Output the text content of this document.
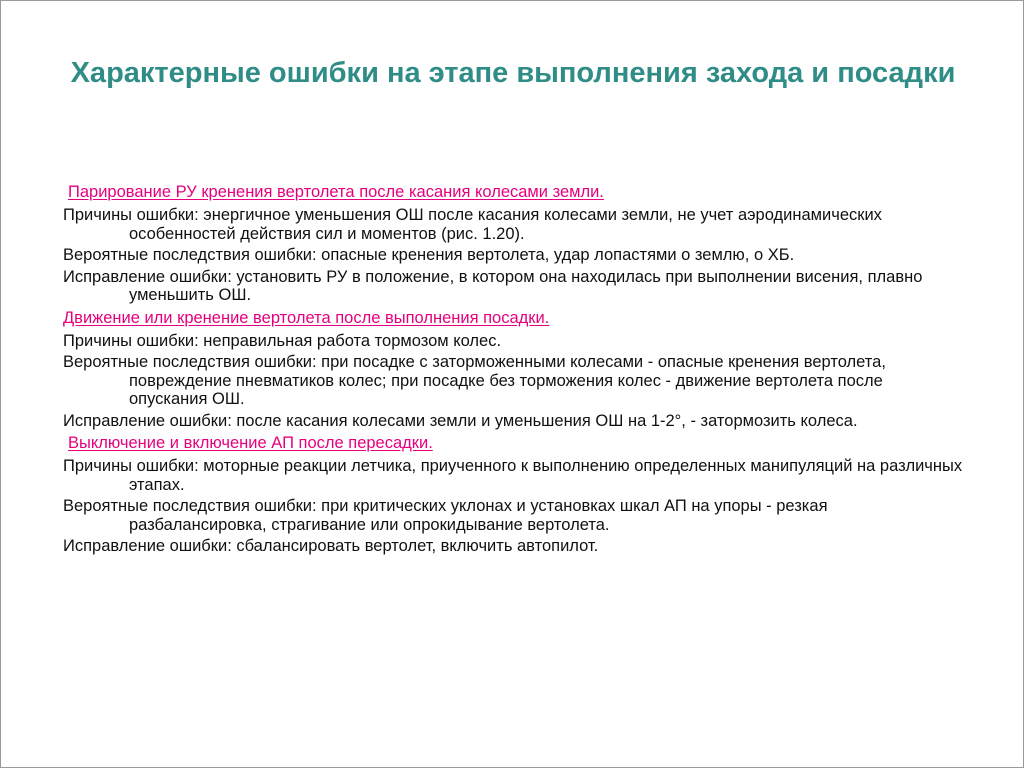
Характерные ошибки на этапе выполнения захода и посадки
Парирование РУ кренения вертолета после касания колесами земли.
Причины ошибки: энергичное уменьшения ОШ после касания колесами земли, не учет аэродинамических особенностей действия сил и моментов (рис. 1.20).
Вероятные последствия ошибки: опасные кренения вертолета, удар лопастями о землю, о ХБ.
Исправление ошибки: установить РУ в положение, в котором она находилась при выполнении висения, плавно уменьшить ОШ.
Движение или кренение вертолета после выполнения посадки.
Причины ошибки: неправильная работа тормозом колес.
Вероятные последствия ошибки: при посадке с заторможенными колесами - опасные кренения вертолета, повреждение пневматиков колес; при посадке без торможения колес - движение вертолета после опускания ОШ.
Исправление ошибки: после касания колесами земли и уменьшения ОШ на 1-2°, - затормозить колеса.
Выключение и включение АП после пересадки.
Причины ошибки: моторные реакции летчика, приученного к выполнению определенных манипуляций на различных этапах.
Вероятные последствия ошибки: при критических уклонах и установках шкал АП на упоры - резкая разбалансировка, страгивание или опрокидывание вертолета.
Исправление ошибки: сбалансировать вертолет, включить автопилот.
